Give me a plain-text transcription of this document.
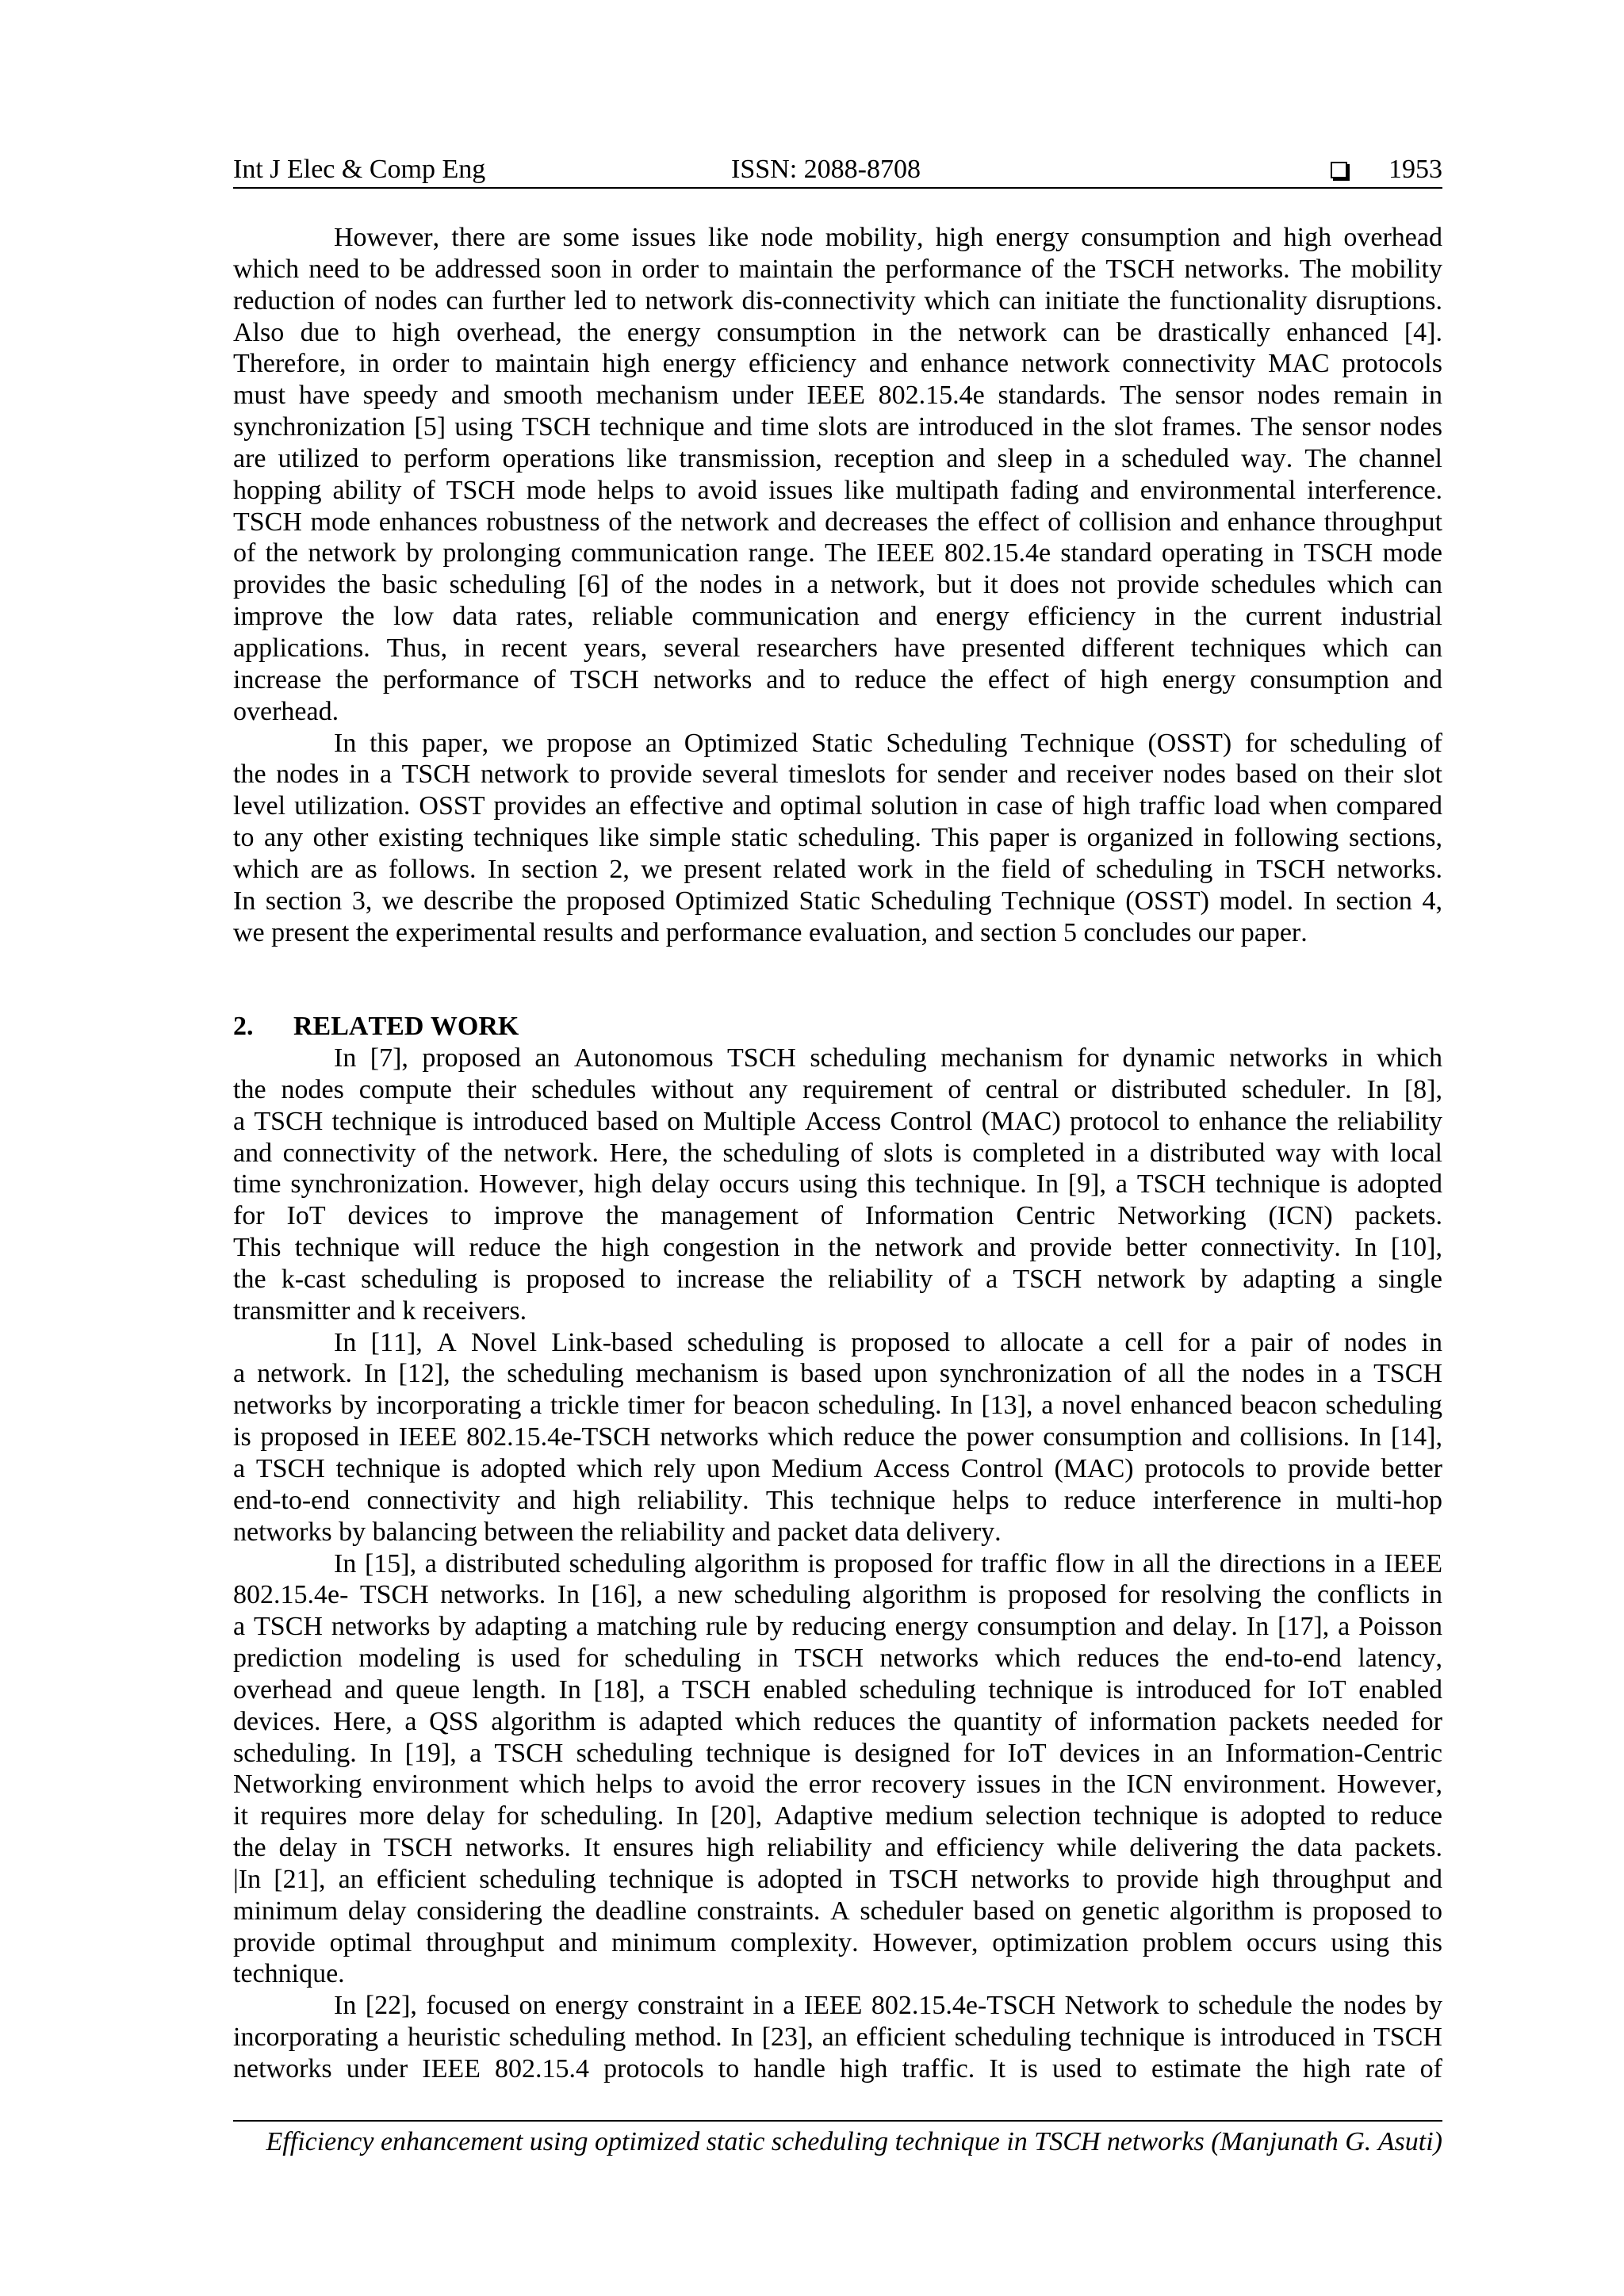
Int J Elec & Comp Eng	ISSN: 2088-8708	1953
However, there are some issues like node mobility, high energy consumption and high overhead
which need to be addressed soon in order to maintain the performance of the TSCH networks. The mobility
reduction of nodes can further led to network dis-connectivity which can initiate the functionality disruptions.
Also due to high overhead, the energy consumption in the network can be drastically enhanced [4].
Therefore, in order to maintain high energy efficiency and enhance network connectivity MAC protocols
must have speedy and smooth mechanism under IEEE 802.15.4e standards. The sensor nodes remain in
synchronization [5] using TSCH technique and time slots are introduced in the slot frames. The sensor nodes
are utilized to perform operations like transmission, reception and sleep in a scheduled way. The channel
hopping ability of TSCH mode helps to avoid issues like multipath fading and environmental interference.
TSCH mode enhances robustness of the network and decreases the effect of collision and enhance throughput
of the network by prolonging communication range. The IEEE 802.15.4e standard operating in TSCH mode
provides the basic scheduling [6] of the nodes in a network, but it does not provide schedules which can
improve the low data rates, reliable communication and energy efficiency in the current industrial
applications. Thus, in recent years, several researchers have presented different techniques which can
increase the performance of TSCH networks and to reduce the effect of high energy consumption and
overhead.
In this paper, we propose an Optimized Static Scheduling Technique (OSST) for scheduling of
the nodes in a TSCH network to provide several timeslots for sender and receiver nodes based on their slot
level utilization. OSST provides an effective and optimal solution in case of high traffic load when compared
to any other existing techniques like simple static scheduling. This paper is organized in following sections,
which are as follows. In section 2, we present related work in the field of scheduling in TSCH networks.
In section 3, we describe the proposed Optimized Static Scheduling Technique (OSST) model. In section 4,
we present the experimental results and performance evaluation, and section 5 concludes our paper.
2. RELATED WORK
In [7], proposed an Autonomous TSCH scheduling mechanism for dynamic networks in which
the nodes compute their schedules without any requirement of central or distributed scheduler. In [8],
a TSCH technique is introduced based on Multiple Access Control (MAC) protocol to enhance the reliability
and connectivity of the network. Here, the scheduling of slots is completed in a distributed way with local
time synchronization. However, high delay occurs using this technique. In [9], a TSCH technique is adopted
for IoT devices to improve the management of Information Centric Networking (ICN) packets.
This technique will reduce the high congestion in the network and provide better connectivity. In [10],
the k-cast scheduling is proposed to increase the reliability of a TSCH network by adapting a single
transmitter and k receivers.
In [11], A Novel Link-based scheduling is proposed to allocate a cell for a pair of nodes in
a network. In [12], the scheduling mechanism is based upon synchronization of all the nodes in a TSCH
networks by incorporating a trickle timer for beacon scheduling. In [13], a novel enhanced beacon scheduling
is proposed in IEEE 802.15.4e-TSCH networks which reduce the power consumption and collisions. In [14],
a TSCH technique is adopted which rely upon Medium Access Control (MAC) protocols to provide better
end-to-end connectivity and high reliability. This technique helps to reduce interference in multi-hop
networks by balancing between the reliability and packet data delivery.
In [15], a distributed scheduling algorithm is proposed for traffic flow in all the directions in a IEEE
802.15.4e- TSCH networks. In [16], a new scheduling algorithm is proposed for resolving the conflicts in
a TSCH networks by adapting a matching rule by reducing energy consumption and delay. In [17], a Poisson
prediction modeling is used for scheduling in TSCH networks which reduces the end-to-end latency,
overhead and queue length. In [18], a TSCH enabled scheduling technique is introduced for IoT enabled
devices. Here, a QSS algorithm is adapted which reduces the quantity of information packets needed for
scheduling. In [19], a TSCH scheduling technique is designed for IoT devices in an Information-Centric
Networking environment which helps to avoid the error recovery issues in the ICN environment. However,
it requires more delay for scheduling. In [20], Adaptive medium selection technique is adopted to reduce
the delay in TSCH networks. It ensures high reliability and efficiency while delivering the data packets.
|In [21], an efficient scheduling technique is adopted in TSCH networks to provide high throughput and
minimum delay considering the deadline constraints. A scheduler based on genetic algorithm is proposed to
provide optimal throughput and minimum complexity. However, optimization problem occurs using this
technique.
In [22], focused on energy constraint in a IEEE 802.15.4e-TSCH Network to schedule the nodes by
incorporating a heuristic scheduling method. In [23], an efficient scheduling technique is introduced in TSCH
networks under IEEE 802.15.4 protocols to handle high traffic. It is used to estimate the high rate of
Efficiency enhancement using optimized static scheduling technique in TSCH networks (Manjunath G. Asuti)
